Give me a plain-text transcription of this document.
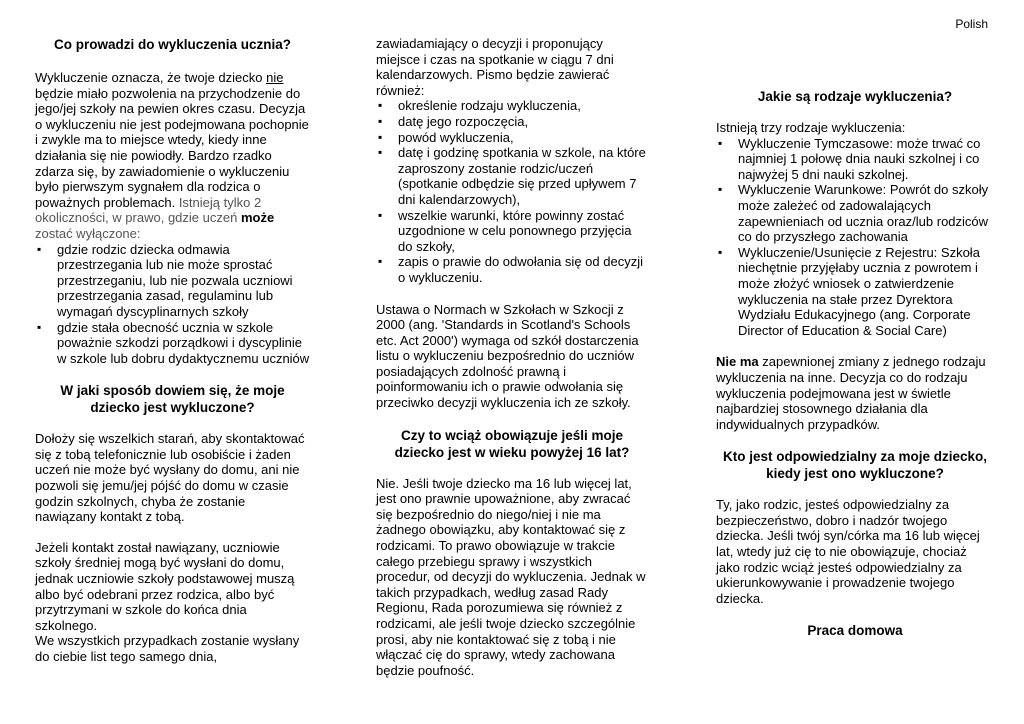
Polish
Co prowadzi do wykluczenia ucznia?

Wykluczenie oznacza, że twoje dziecko nie będzie miało pozwolenia na przychodzenie do jego/jej szkoły na pewien okres czasu. Decyzja o wykluczeniu nie jest podejmowana pochopnie i zwykle ma to miejsce wtedy, kiedy inne działania się nie powiodły. Bardzo rzadko zdarza się, by zawiadomienie o wykluczeniu było pierwszym sygnałem dla rodzica o poważnych problemach. Istnieją tylko 2 okoliczności, w prawo, gdzie uczeń może zostać wyłączone:

▪ gdzie rodzic dziecka odmawia przestrzegania lub nie może sprostać przestrzeganiu, lub nie pozwala uczniowi przestrzegania zasad, regulaminu lub wymagań dyscyplinarnych szkoły
▪ gdzie stała obecność ucznia w szkole poważnie szkodzi porządkowi i dyscyplinie w szkole lub dobru dydaktycznemu uczniów
W jaki sposób dowiem się, że moje dziecko jest wykluczone?

Dołoży się wszelkich starań, aby skontaktować się z tobą telefonicznie lub osobiście i żaden uczeń nie może być wysłany do domu, ani nie pozwoli się jemu/jej pójść do domu w czasie godzin szkolnych, chyba że zostanie nawiązany kontakt z tobą.

Jeżeli kontakt został nawiązany, uczniowie szkoły średniej mogą być wysłani do domu, jednak uczniowie szkoły podstawowej muszą albo być odebrani przez rodzica, albo być przytrzymani w szkole do końca dnia szkolnego.

We wszystkich przypadkach zostanie wysłany do ciebie list tego samego dnia,

zawiadamiający o decyzji i proponujący miejsce i czas na spotkanie w ciągu 7 dni kalendarzowych. Pismo będzie zawierać również:

▪ określenie rodzaju wykluczenia,
▪ datę jego rozpoczęcia,
▪ powód wykluczenia,
▪ datę i godzinę spotkania w szkole, na które zaproszony zostanie rodzic/uczeń (spotkanie odbędzie się przed upływem 7 dni kalendarzowych),
▪ wszelkie warunki, które powinny zostać uzgodnione w celu ponownego przyjęcia do szkoły,
▪ zapis o prawie do odwołania się od decyzji o wykluczeniu.

Ustawa o Normach w Szkołach w Szkocji z 2000 (ang. 'Standards in Scotland's Schools etc. Act 2000') wymaga od szkół dostarczenia listu o wykluczeniu bezpośrednio do uczniów posiadających zdolność prawną i poinformowaniu ich o prawie odwołania się przeciwko decyzji wykluczenia ich ze szkoły.

Czy to wciąż obowiązuje jeśli moje dziecko jest w wieku powyżej 16 lat?

Nie. Jeśli twoje dziecko ma 16 lub więcej lat, jest ono prawnie upoważnione, aby zwracać się bezpośrednio do niego/niej i nie ma żadnego obowiązku, aby kontaktować się z rodzicami. To prawo obowiązuje w trakcie całego przebiegu sprawy i wszystkich procedur, od decyzji do wykluczenia. Jednak w takich przypadkach, według zasad Rady Regionu, Rada porozumiewa się również z rodzicami, ale jeśli twoje dziecko szczególnie prosi, aby nie kontaktować się z tobą i nie włączać cię do sprawy, wtedy zachowana będzie poufność.

Jakie są rodzaje wykluczenia?

Istnieją trzy rodzaje wykluczenia:

▪ Wykluczenie Tymczasowe: może trwać co najmniej 1 połowę dnia nauki szkolnej i co najwyżej 5 dni nauki szkolnej.
▪ Wykluczenie Warunkowe: Powrót do szkoły może zależeć od zadowalających zapewnieniach od ucznia oraz/lub rodziców co do przyszłego zachowania
▪ Wykluczenie/Usunięcie z Rejestru: Szkoła niechętnie przyjęłaby ucznia z powrotem i może złożyć wniosek o zatwierdzenie wykluczenia na stałe przez Dyrektora Wydziału Edukacyjnego (ang. Corporate Director of Education & Social Care)

Nie ma zapewnionej zmiany z jednego rodzaju wykluczenia na inne. Decyzja co do rodzaju wykluczenia podejmowana jest w świetle najbardziej stosownego działania dla indywidualnych przypadków.

Kto jest odpowiedzialny za moje dziecko, kiedy jest ono wykluczone?

Ty, jako rodzic, jesteś odpowiedzialny za bezpieczeństwo, dobro i nadzór twojego dziecka. Jeśli twój syn/córka ma 16 lub więcej lat, wtedy już cię to nie obowiązuje, chociaż jako rodzic wciąż jesteś odpowiedzialny za ukierunkowywanie i prowadzenie twojego dziecka.

Praca domowa
